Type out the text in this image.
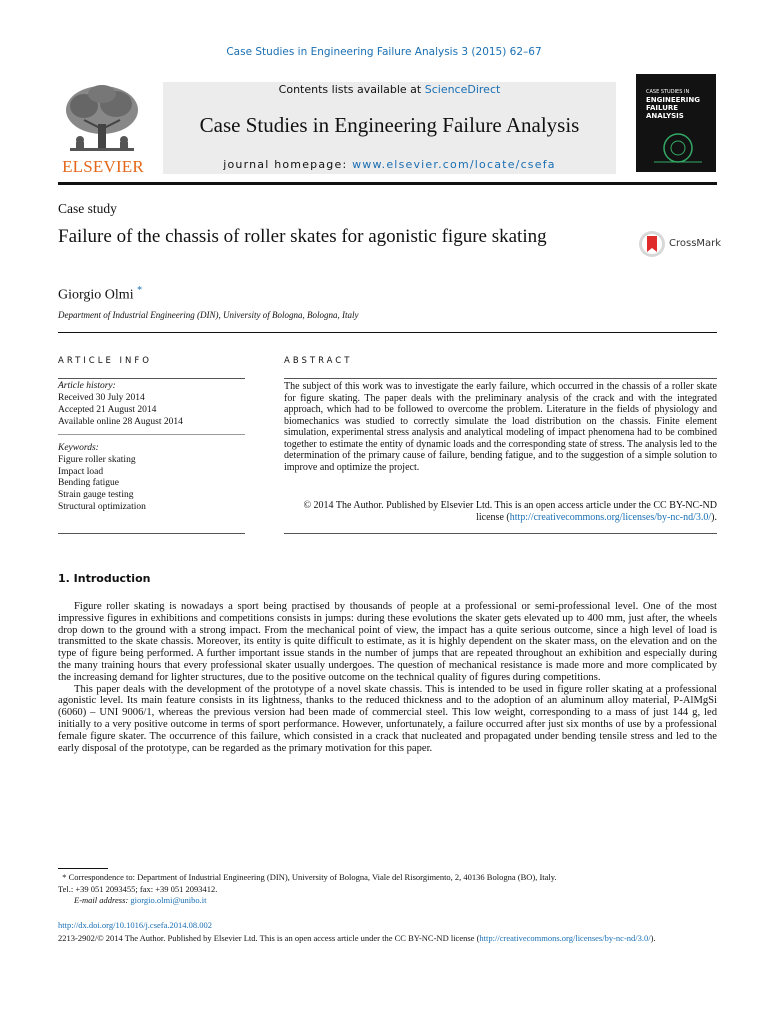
Case Studies in Engineering Failure Analysis 3 (2015) 62–67
ELSEVIER
Contents lists available at ScienceDirect
Case Studies in Engineering Failure Analysis
journal homepage: www.elsevier.com/locate/csefa
CASE STUDIES IN
ENGINEERING
FAILURE
ANALYSIS
Case study
Failure of the chassis of roller skates for agonistic figure skating	CrossMark
Giorgio Olmi *
Department of Industrial Engineering (DIN), University of Bologna, Bologna, Italy
ARTICLE INFO	ABSTRACT
Article history:
Received 30 July 2014
Accepted 21 August 2014
Available online 28 August 2014
Keywords:
Figure roller skating
Impact load
Bending fatigue
Strain gauge testing
Structural optimization
The subject of this work was to investigate the early failure, which occurred in the chassis of a roller skate for figure skating. The paper deals with the preliminary analysis of the crack and with the integrated approach, which had to be followed to overcome the problem. Literature in the fields of physiology and biomechanics was studied to correctly simulate the load distribution on the chassis. Finite element simulation, experimental stress analysis and analytical modeling of impact phenomena had to be combined together to estimate the entity of dynamic loads and the corresponding state of stress. The analysis led to the determination of the primary cause of failure, bending fatigue, and to the suggestion of a simple solution to improve and optimize the project.
© 2014 The Author. Published by Elsevier Ltd. This is an open access article under the CC BY-NC-ND license (http://creativecommons.org/licenses/by-nc-nd/3.0/).
1. Introduction

Figure roller skating is nowadays a sport being practised by thousands of people at a professional or semi-professional level. One of the most impressive figures in exhibitions and competitions consists in jumps: during these evolutions the skater gets elevated up to 400 mm, just after, the wheels drop down to the ground with a strong impact. From the mechanical point of view, the impact has a quite serious outcome, since a high level of load is transmitted to the skate chassis. Moreover, its entity is quite difficult to estimate, as it is highly dependent on the skater mass, on the elevation and on the type of figure being performed. A further important issue stands in the number of jumps that are repeated throughout an exhibition and especially during the many training hours that every professional skater usually undergoes. The question of mechanical resistance is made more and more complicated by the increasing demand for lighter structures, due to the positive outcome on the technical quality of figures during competitions.

This paper deals with the development of the prototype of a novel skate chassis. This is intended to be used in figure roller skating at a professional agonistic level. Its main feature consists in its lightness, thanks to the reduced thickness and to the adoption of an aluminum alloy material, P-AlMgSi (6060) – UNI 9006/1, whereas the previous version had been made of commercial steel. This low weight, corresponding to a mass of just 144 g, led initially to a very positive outcome in terms of sport performance. However, unfortunately, a failure occurred after just six months of use by a professional female figure skater. The occurrence of this failure, which consisted in a crack that nucleated and propagated under bending tensile stress and led to the early disposal of the prototype, can be regarded as the primary motivation for this paper.

* Correspondence to: Department of Industrial Engineering (DIN), University of Bologna, Viale del Risorgimento, 2, 40136 Bologna (BO), Italy.
Tel.: +39 051 2093455; fax: +39 051 2093412.
E-mail address: giorgio.olmi@unibo.it
http://dx.doi.org/10.1016/j.csefa.2014.08.002
2213-2902/© 2014 The Author. Published by Elsevier Ltd. This is an open access article under the CC BY-NC-ND license (http://creativecommons.org/licenses/by-nc-nd/3.0/).
